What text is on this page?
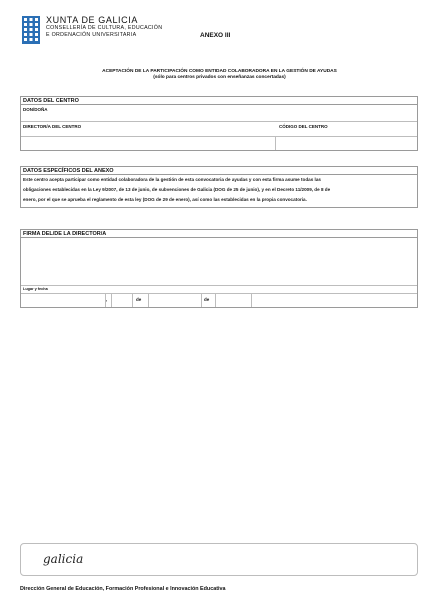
XUNTA DE GALICIA
CONSELLERÍA DE CULTURA, EDUCACIÓN
E ORDENACIÓN UNIVERSITARIA	ANEXO III
ACEPTACIÓN DE LA PARTICIPACIÓN COMO ENTIDAD COLABORADORA EN LA GESTIÓN DE AYUDAS
(sólo para centros privados con enseñanzas concertadas)
DATOS DEL CENTRO
DON/DOÑA
DIRECTOR/A DEL CENTRO	CÓDIGO DEL CENTRO
DATOS ESPECÍFICOS DEL ANEXO
Este centro acepta participar como entidad colaboradora de la gestión de esta convocatoria de ayudas y con esta firma asume todas las
obligaciones establecidas en la Ley 9/2007, de 13 de junio, de subvenciones de Galicia (DOG de 25 de junio), y en el Decreto 11/2009, de 8 de
enero, por el que se aprueba el reglamento de esta ley (DOG de 29 de enero), así como las establecidas en la propia convocatoria.
FIRMA DEL/DE LA DIRECTOR/A
Lugar y fecha
,	de	de
galicia
Dirección General de Educación, Formación Profesional e Innovación Educativa
